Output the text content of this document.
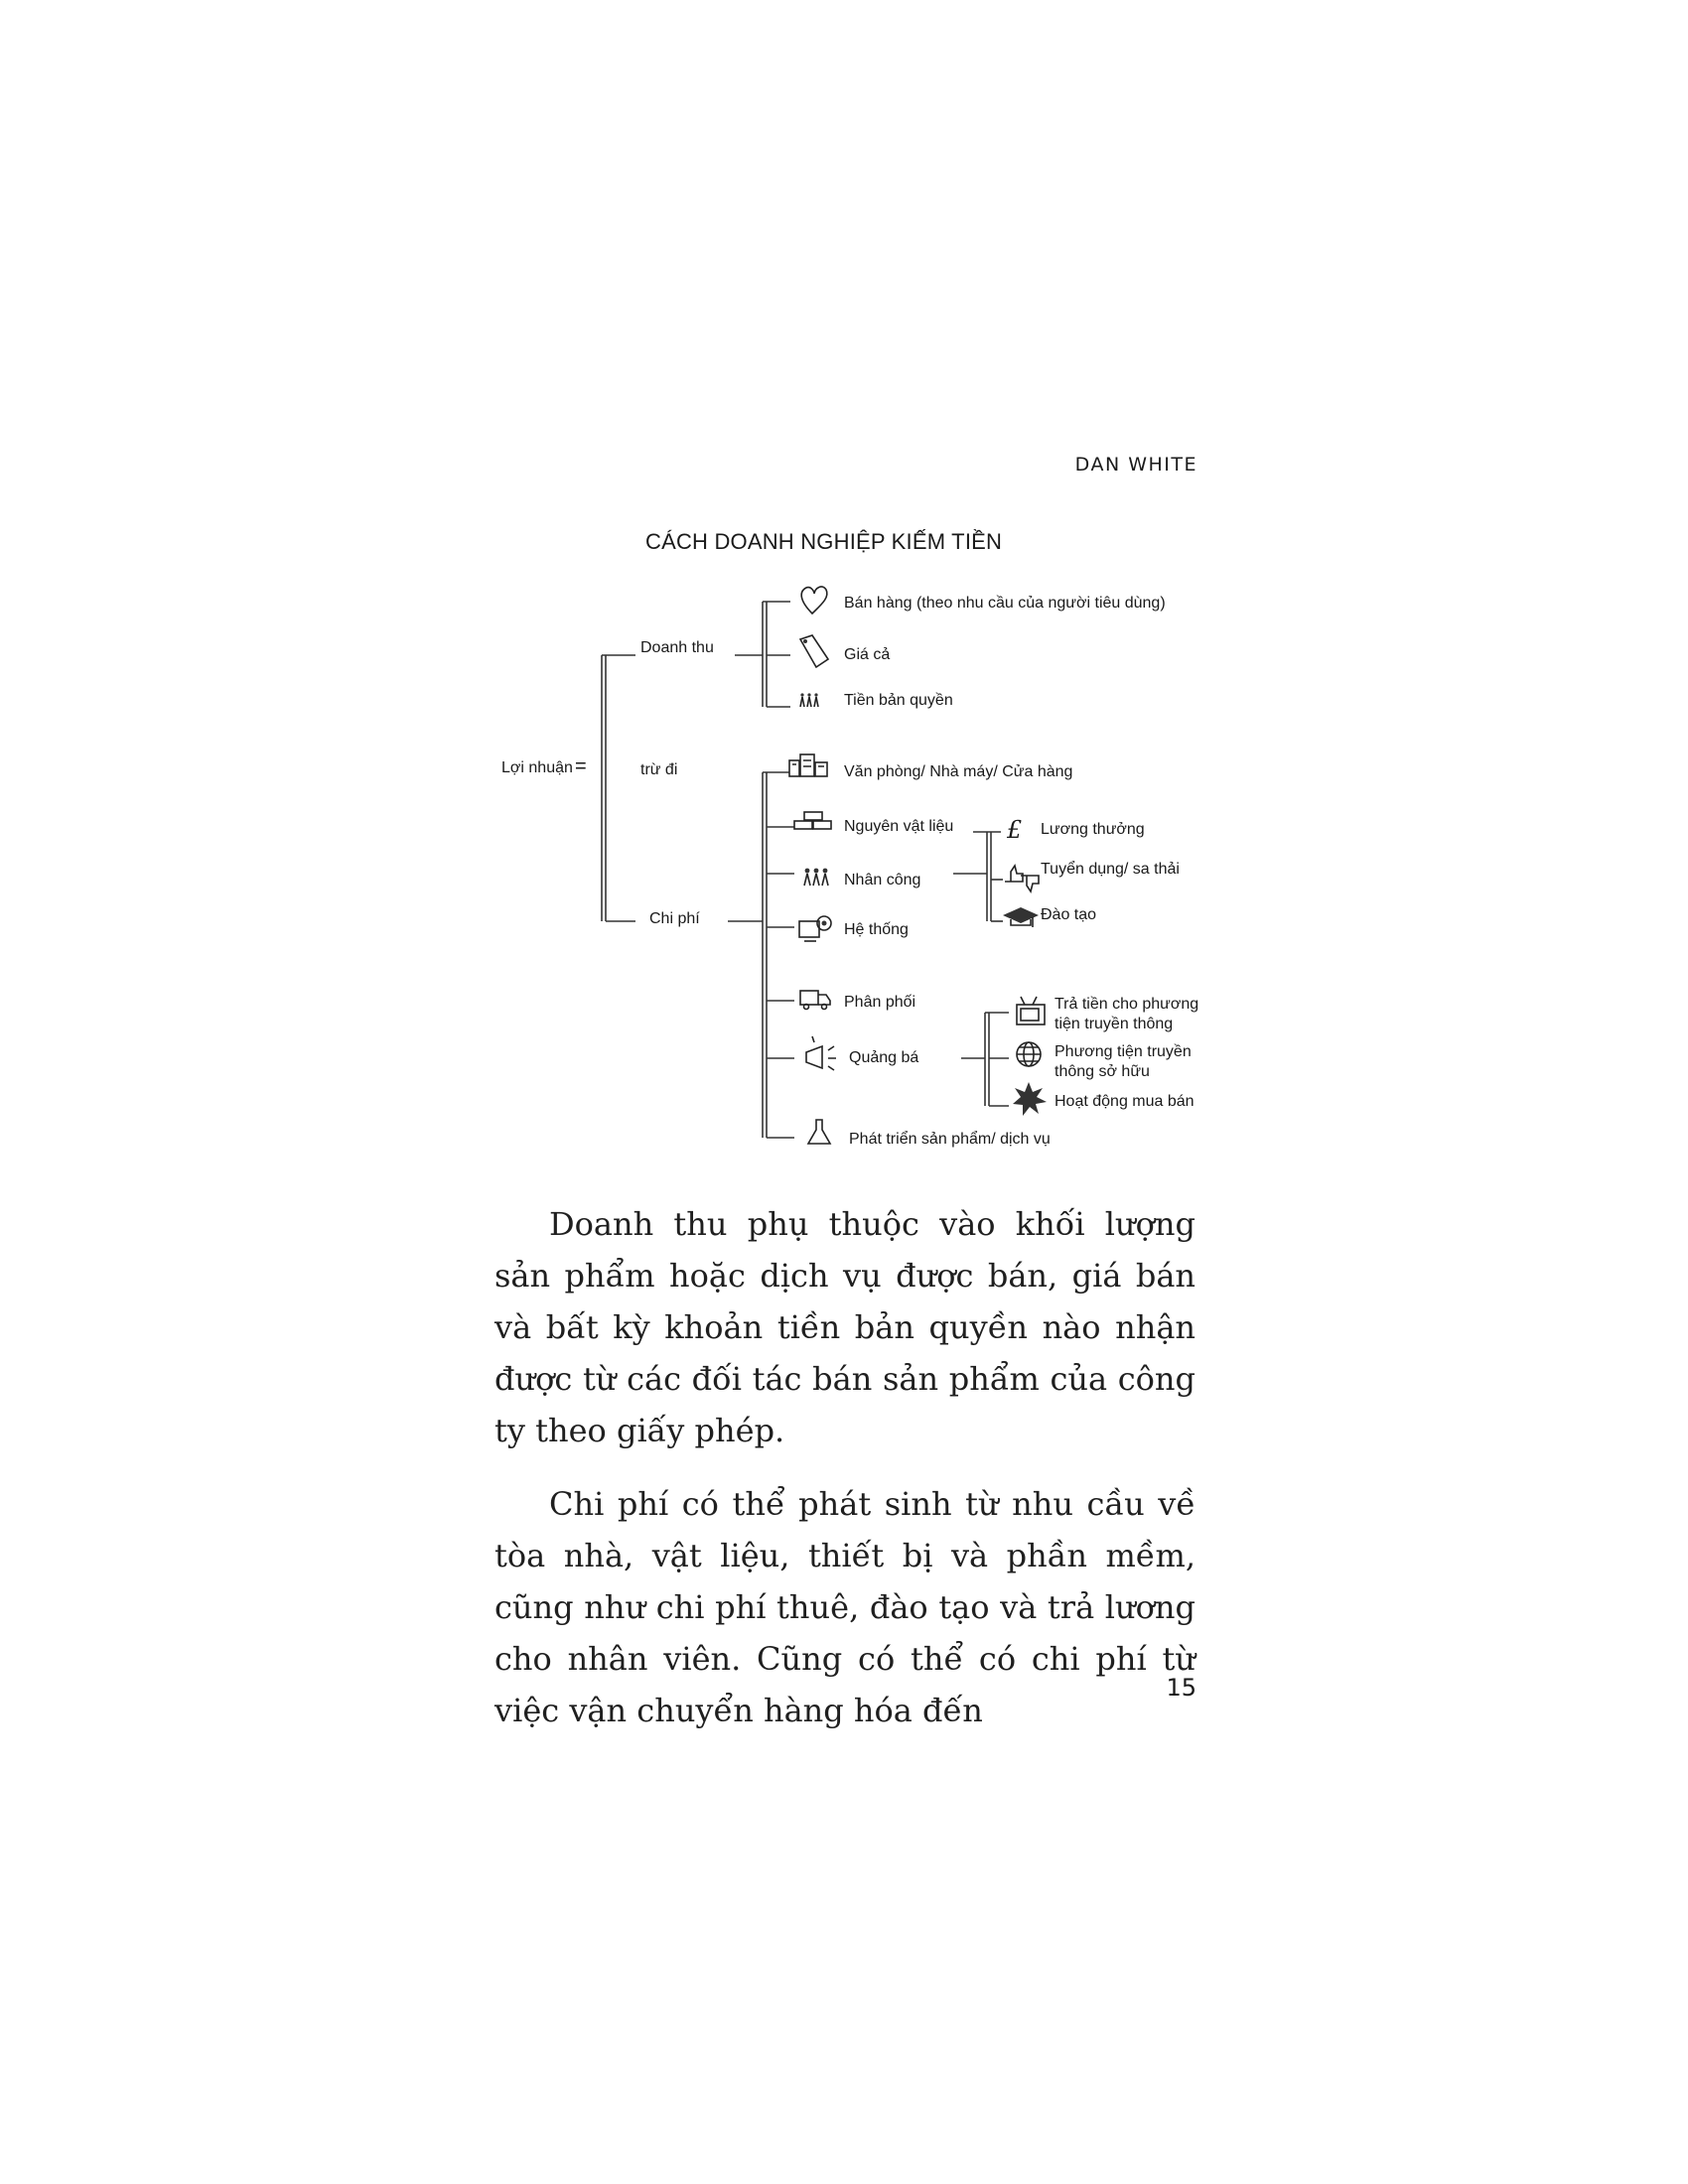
DAN WHITE
CÁCH DOANH NGHIỆP KIẾM TIỀN
Lợi nhuận =
Doanh thu
trừ đi
Chi phí
Bán hàng (theo nhu cầu của người tiêu dùng)
Giá cả
Tiền bản quyền
Văn phòng/ Nhà máy/ Cửa hàng
Nguyên vật liệu
Nhân công
Hệ thống
Phân phối
Quảng bá
Phát triển sản phẩm/ dịch vụ
£ Lương thưởng
Tuyển dụng/ sa thải
Đào tạo
Trả tiền cho phương
tiện truyền thông
Phương tiện truyền
thông sở hữu
Hoạt động mua bán

Doanh thu phụ thuộc vào khối lượng sản phẩm hoặc dịch vụ được bán, giá bán và bất kỳ khoản tiền bản quyền nào nhận được từ các đối tác bán sản phẩm của công ty theo giấy phép.

Chi phí có thể phát sinh từ nhu cầu về tòa nhà, vật liệu, thiết bị và phần mềm, cũng như chi phí thuê, đào tạo và trả lương cho nhân viên. Cũng có thể có chi phí từ việc vận chuyển hàng hóa đến

15
